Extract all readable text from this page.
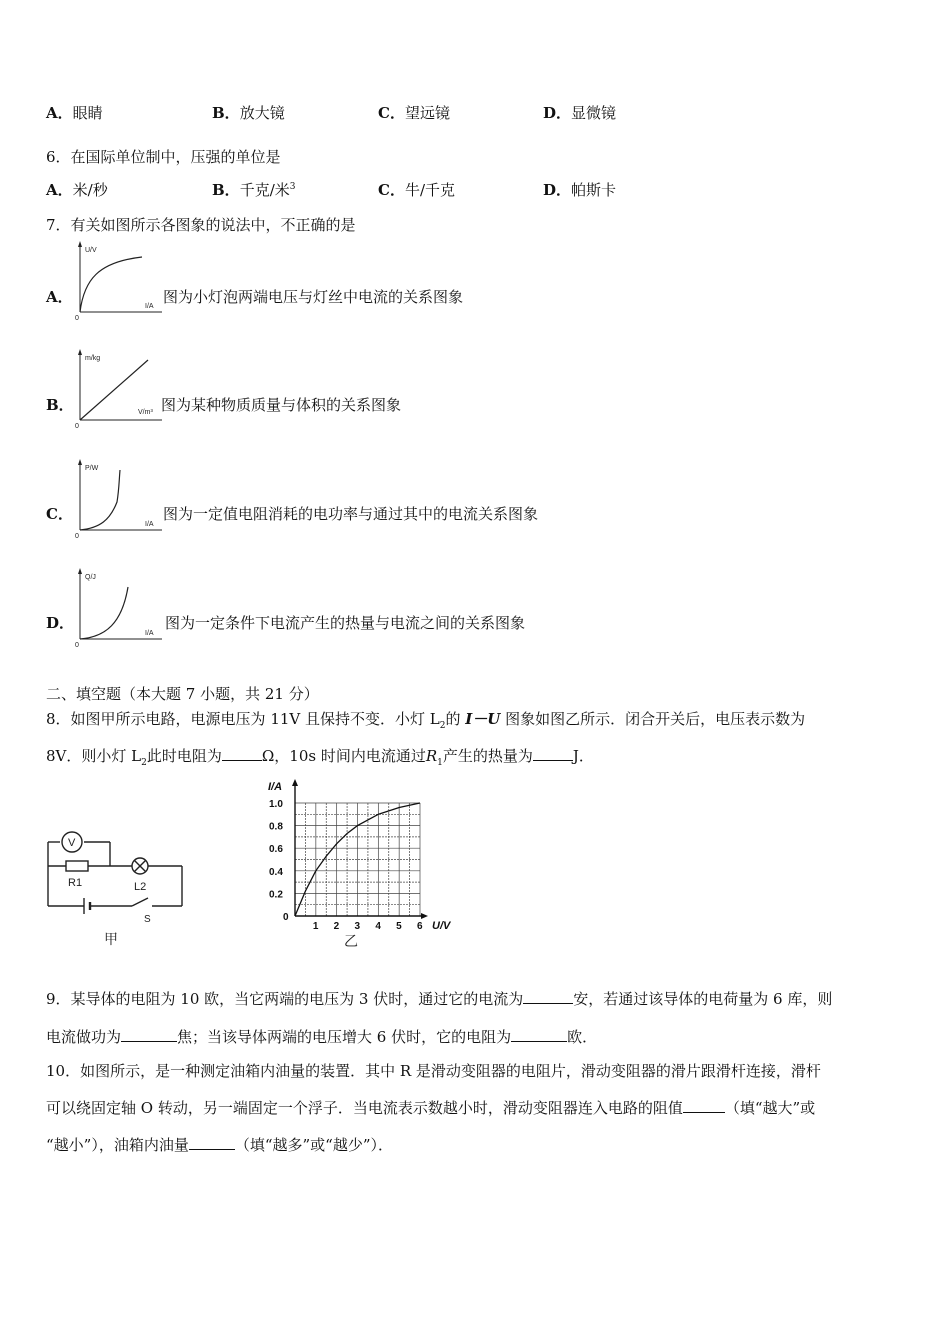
A．眼睛	B．放大镜	C．望远镜	D．显微镜
6．在国际单位制中，压强的单位是
A．米/秒	B．千克/米$^3$	C．牛/千克	D．帕斯卡
7．有关如图所示各图象的说法中，不正确的是
A．
U/V
I/A
0
图为小灯泡两端电压与灯丝中电流的关系图象
B．
m/kg
V/m³
0
图为某种物质质量与体积的关系图象
C．
P/W
I/A
0
图为一定值电阻消耗的电功率与通过其中的电流关系图象
D．
Q/J
I/A
0
图为一定条件下电流产生的热量与电流之间的关系图象
二、填空题（本大题 7 小题，共 21 分）
8．如图甲所示电路，电源电压为 11V 且保持不变．小灯 $L_2$的 I－U 图象如图乙所示．闭合开关后，电压表示数为
8V．则小灯 $L_2$此时电阻为	Ω，10s 时间内电流通过$R_1$产生的热量为	J．
V
R1	L2
S
甲
I/A
U/V
1.0
0.8
0.6
0.4
0.2
0
1 2 3 4 5 6
乙
9．某导体的电阻为 10 欧，当它两端的电压为 3 伏时，通过它的电流为	安，若通过该导体的电荷量为 6 库，则
电流做功为	焦；当该导体两端的电压增大 6 伏时，它的电阻为	欧．
10．如图所示，是一种测定油箱内油量的装置．其中 R 是滑动变阻器的电阻片，滑动变阻器的滑片跟滑杆连接，滑杆
可以绕固定轴 O 转动，另一端固定一个浮子．当电流表示数越小时，滑动变阻器连入电路的阻值	（填“越大”或
“越小”），油箱内油量	（填“越多”或“越少”）．
